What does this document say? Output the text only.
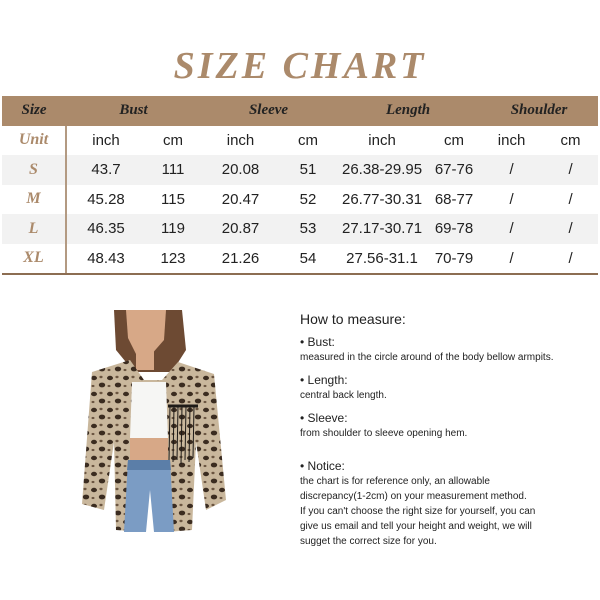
SIZE CHART
Size	Bust		Sleeve		Length		Shoulder	
Unit	inch	cm	inch	cm	inch	cm	inch	cm
S	43.7	111	20.08	51	26.38-29.95	67-76	/	/
M	45.28	115	20.47	52	26.77-30.31	68-77	/	/
L	46.35	119	20.87	53	27.17-30.71	69-78	/	/
XL	48.43	123	21.26	54	27.56-31.1	70-79	/	/
How to measure:
• Bust:
measured in the circle around of the body bellow armpits.
• Length:
central back length.
• Sleeve:
from shoulder to sleeve opening hem.
• Notice:
the chart is for reference only, an allowable
discrepancy(1-2cm) on your measurement method.
If you can't choose the right size for yourself, you can
give us email and tell your height and weight, we will
sugget the correct size for you.
